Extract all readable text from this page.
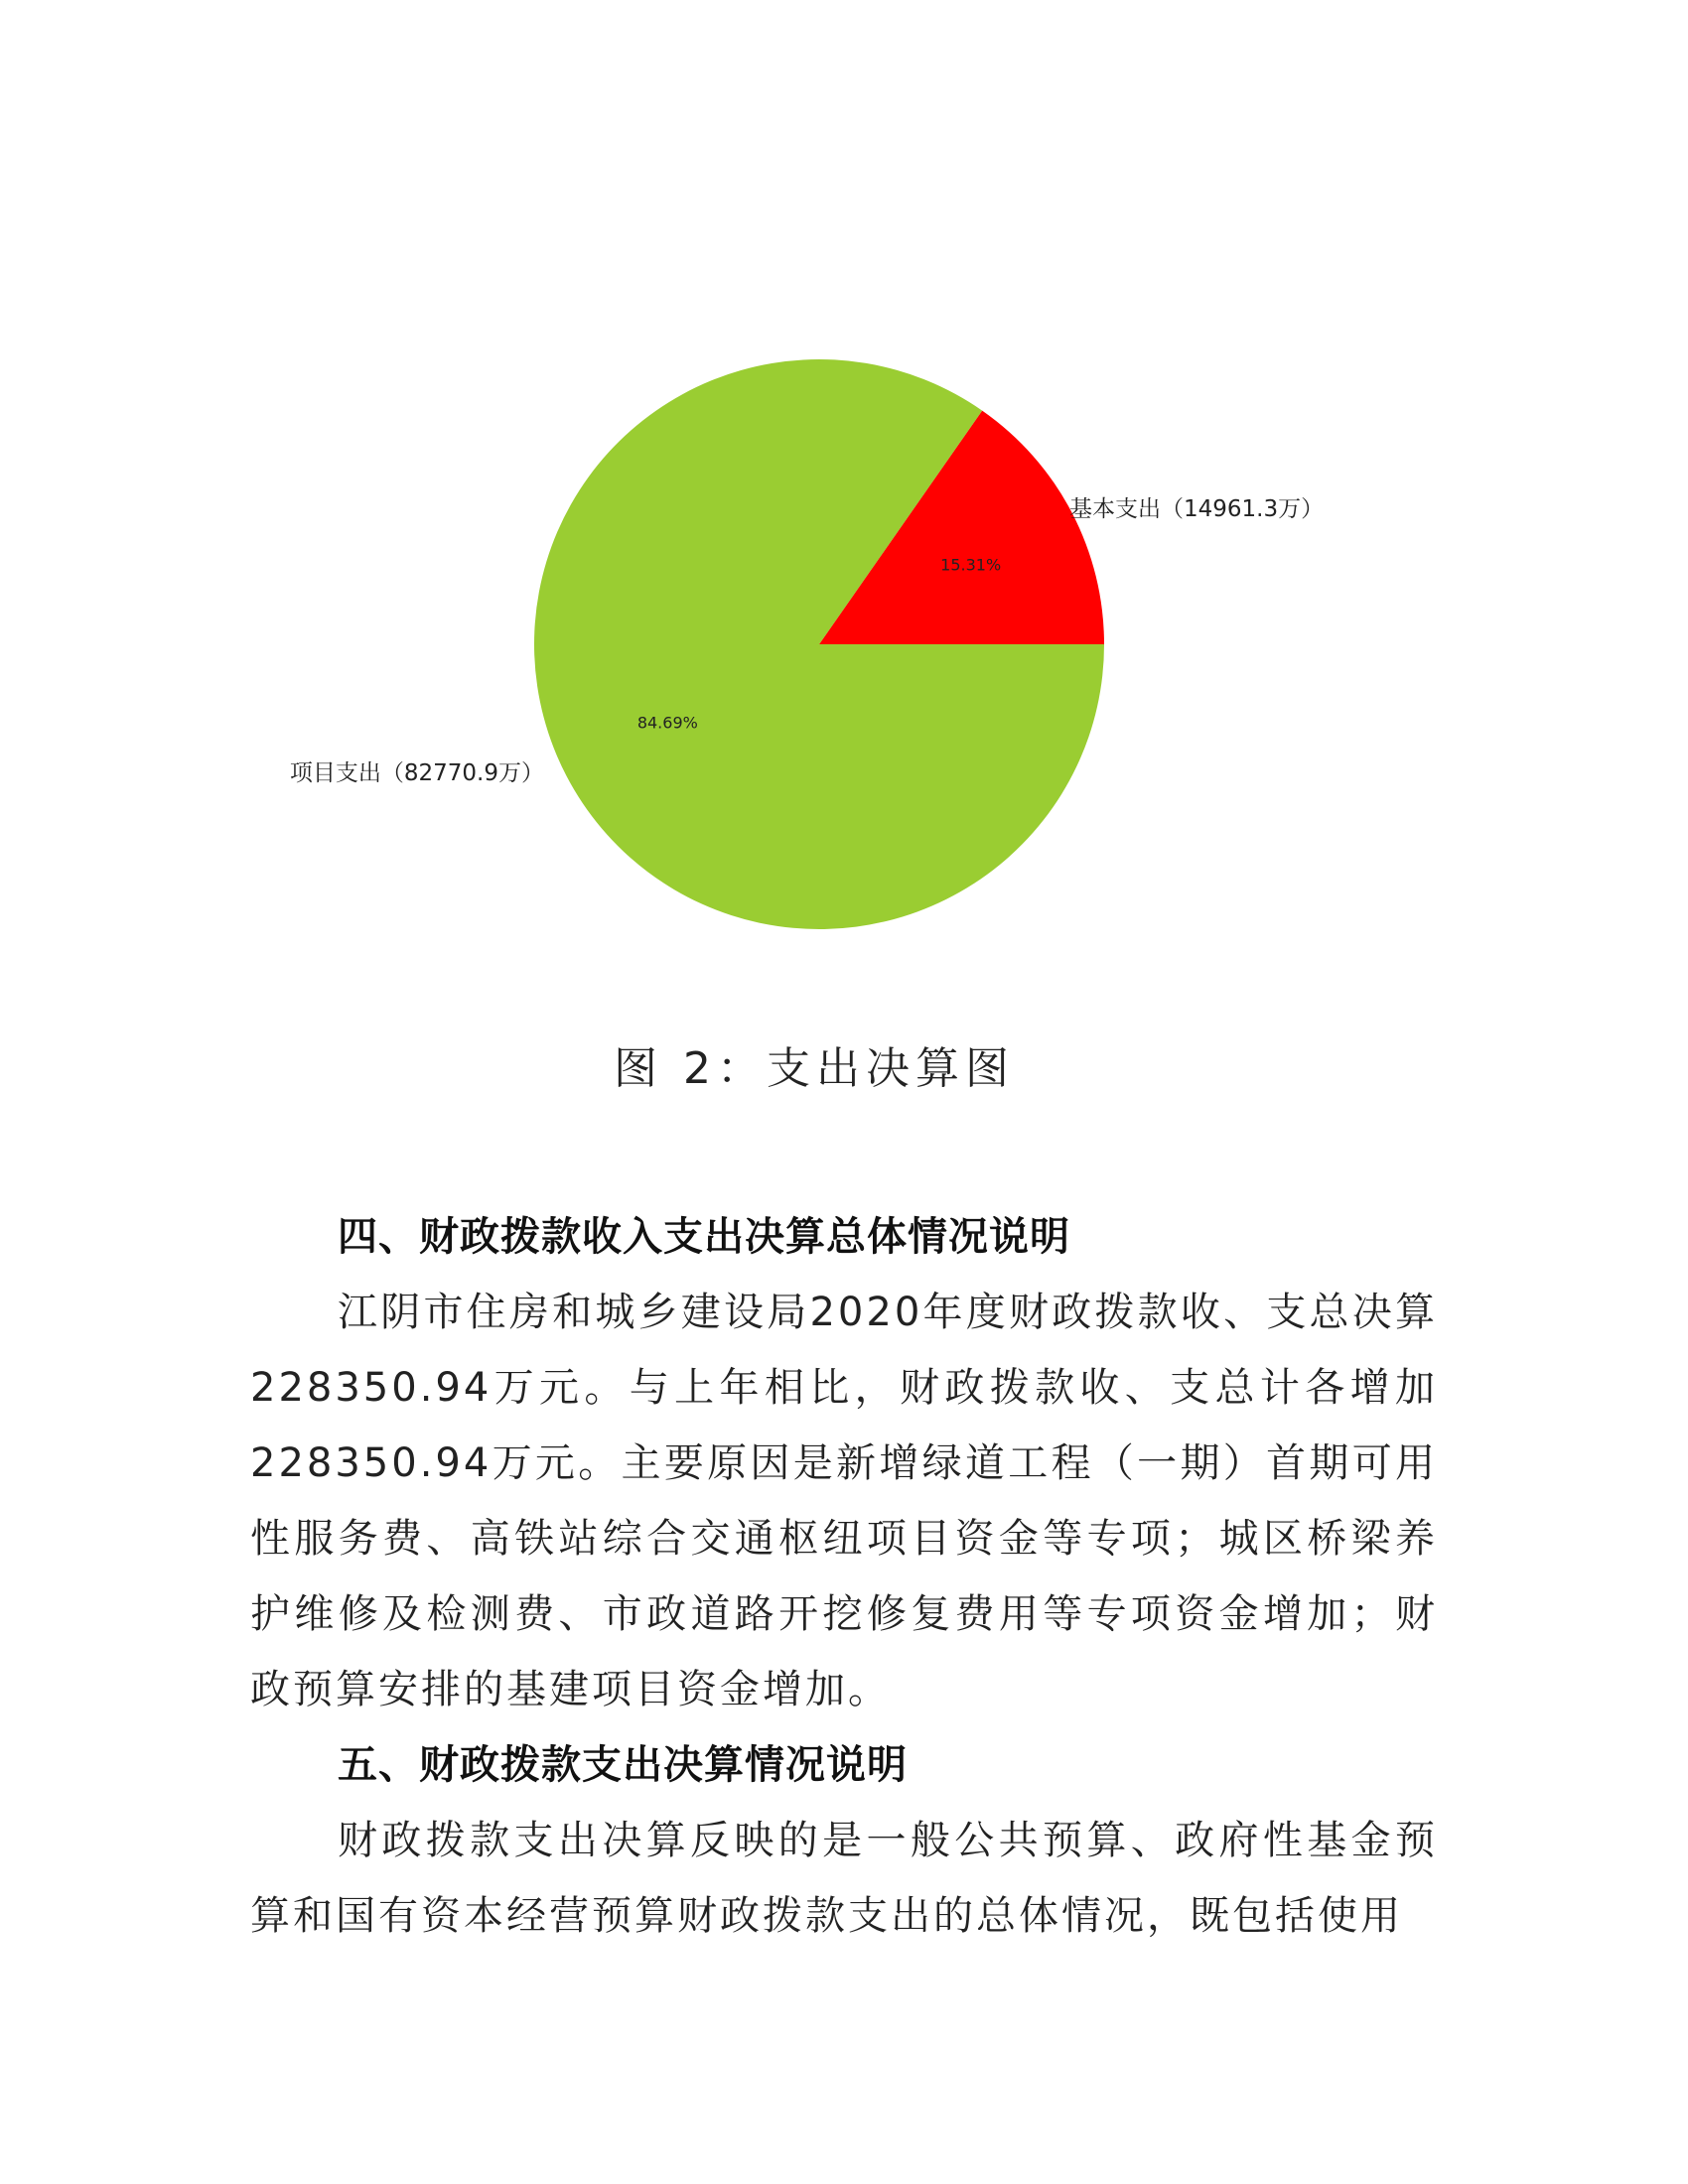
15.31%
基本支出（14961.3万）
84.69%
项目支出（82770.9万）
图 2：支出决算图
四、财政拨款收入支出决算总体情况说明

江阴市住房和城乡建设局2020年度财政拨款收、支总决算228350.94万元。与上年相比，财政拨款收、支总计各增加228350.94万元。主要原因是新增绿道工程（一期）首期可用性服务费、高铁站综合交通枢纽项目资金等专项；城区桥梁养护维修及检测费、市政道路开挖修复费用等专项资金增加；财政预算安排的基建项目资金增加。

五、财政拨款支出决算情况说明

财政拨款支出决算反映的是一般公共预算、政府性基金预算和国有资本经营预算财政拨款支出的总体情况，既包括使用
